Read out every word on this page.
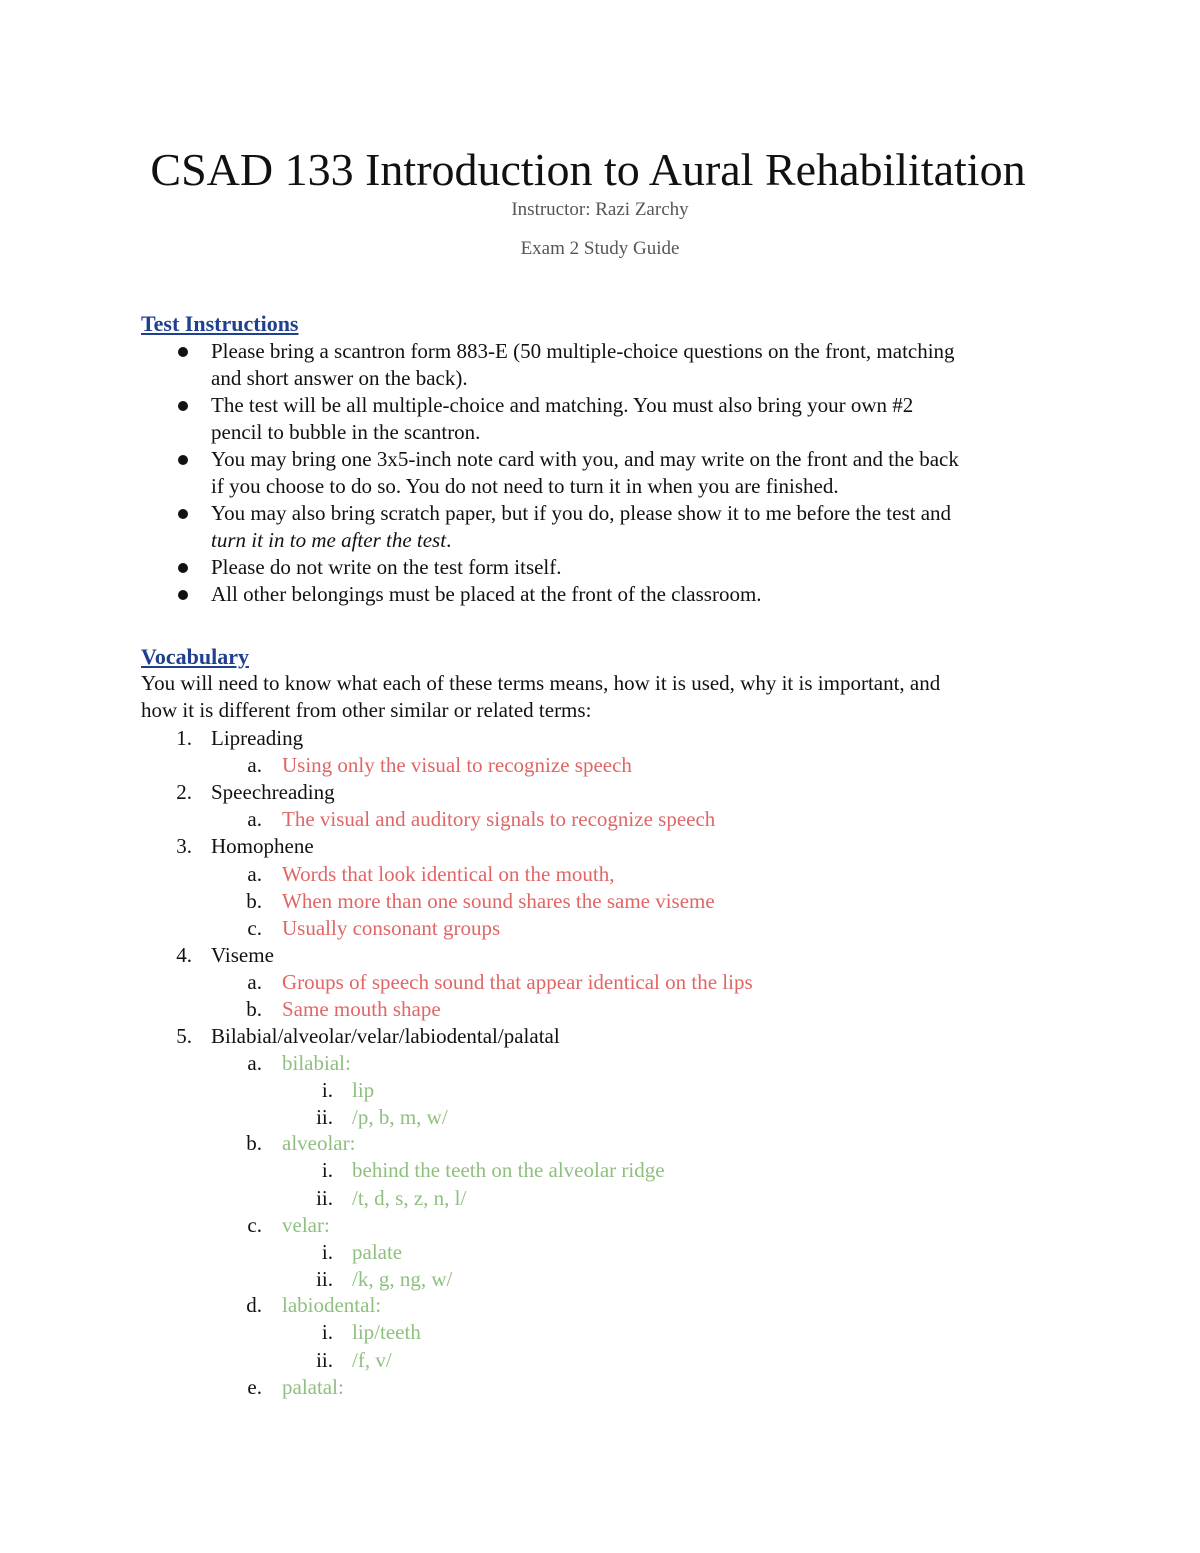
CSAD 133 Introduction to Aural Rehabilitation
Instructor: Razi Zarchy
Exam 2 Study Guide
Test Instructions
Please bring a scantron form 883-E (50 multiple-choice questions on the front, matching
and short answer on the back).
The test will be all multiple-choice and matching. You must also bring your own #2
pencil to bubble in the scantron.
You may bring one 3x5-inch note card with you, and may write on the front and the back
if you choose to do so. You do not need to turn it in when you are finished.
You may also bring scratch paper, but if you do, please show it to me before the test and
turn it in to me after the test.
Please do not write on the test form itself.
All other belongings must be placed at the front of the classroom.
Vocabulary
You will need to know what each of these terms means, how it is used, why it is important, and
how it is different from other similar or related terms:
1. Lipreading
a. Using only the visual to recognize speech
2. Speechreading
a. The visual and auditory signals to recognize speech
3. Homophene
a. Words that look identical on the mouth,
b. When more than one sound shares the same viseme
c. Usually consonant groups
4. Viseme
a. Groups of speech sound that appear identical on the lips
b. Same mouth shape
5. Bilabial/alveolar/velar/labiodental/palatal
a. bilabial:
i. lip
ii. /p, b, m, w/
b. alveolar:
i. behind the teeth on the alveolar ridge
ii. /t, d, s, z, n, l/
c. velar:
i. palate
ii. /k, g, ng, w/
d. labiodental:
i. lip/teeth
ii. /f, v/
e. palatal:
